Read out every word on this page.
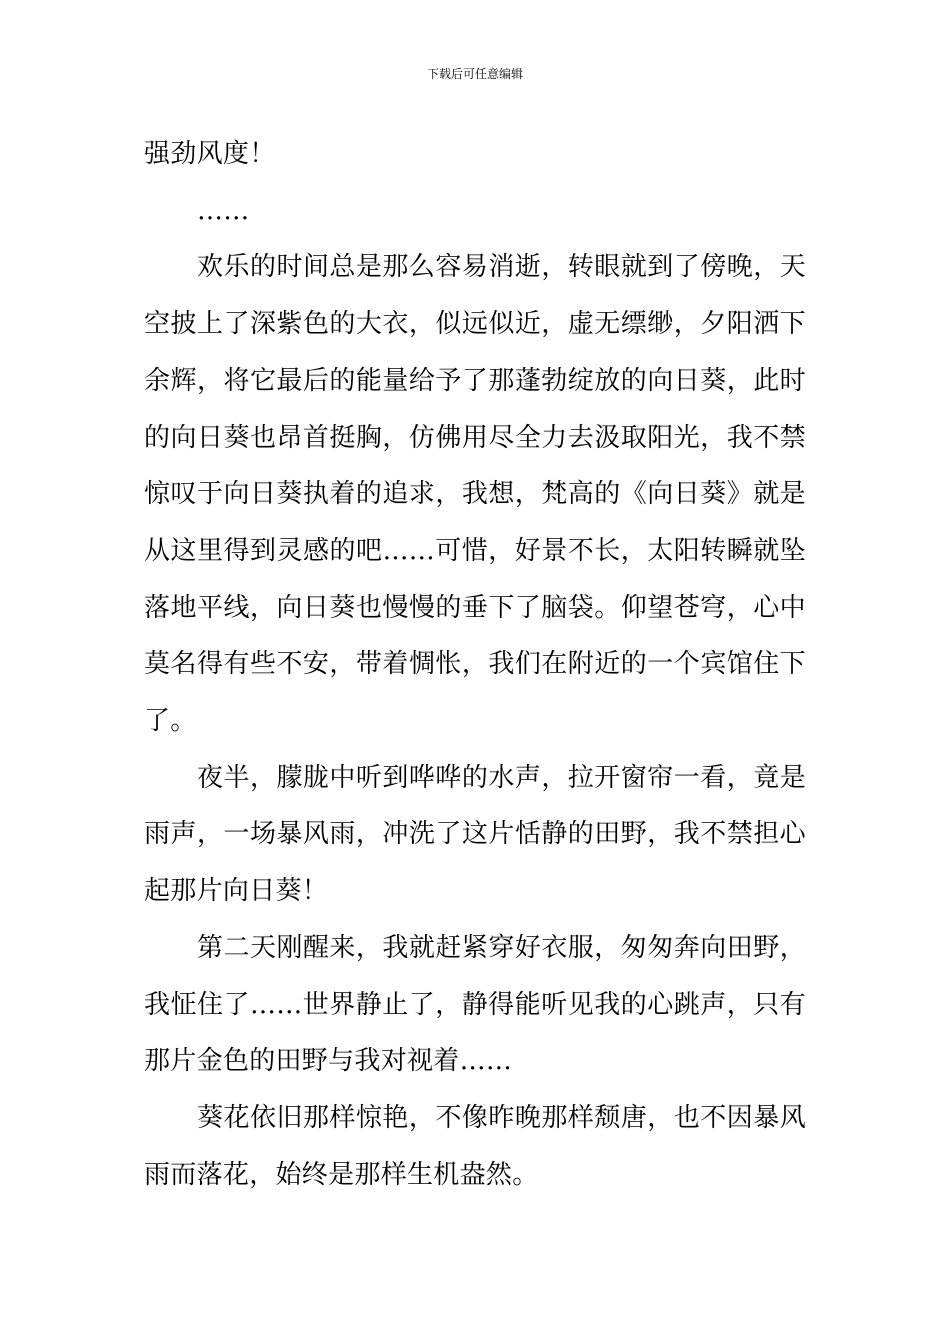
下载后可任意编辑

强劲风度！

……

欢乐的时间总是那么容易消逝，转眼就到了傍晚，天空披上了深紫色的大衣，似远似近，虚无缥缈，夕阳洒下余辉，将它最后的能量给予了那蓬勃绽放的向日葵，此时的向日葵也昂首挺胸，仿佛用尽全力去汲取阳光，我不禁惊叹于向日葵执着的追求，我想，梵高的《向日葵》就是从这里得到灵感的吧……可惜，好景不长，太阳转瞬就坠落地平线，向日葵也慢慢的垂下了脑袋。仰望苍穹，心中莫名得有些不安，带着惆怅，我们在附近的一个宾馆住下了。

夜半，朦胧中听到哗哗的水声，拉开窗帘一看，竟是雨声，一场暴风雨，冲洗了这片恬静的田野，我不禁担心起那片向日葵！

第二天刚醒来，我就赶紧穿好衣服，匆匆奔向田野，我怔住了……世界静止了，静得能听见我的心跳声，只有那片金色的田野与我对视着……

葵花依旧那样惊艳，不像昨晚那样颓唐，也不因暴风雨而落花，始终是那样生机盎然。
